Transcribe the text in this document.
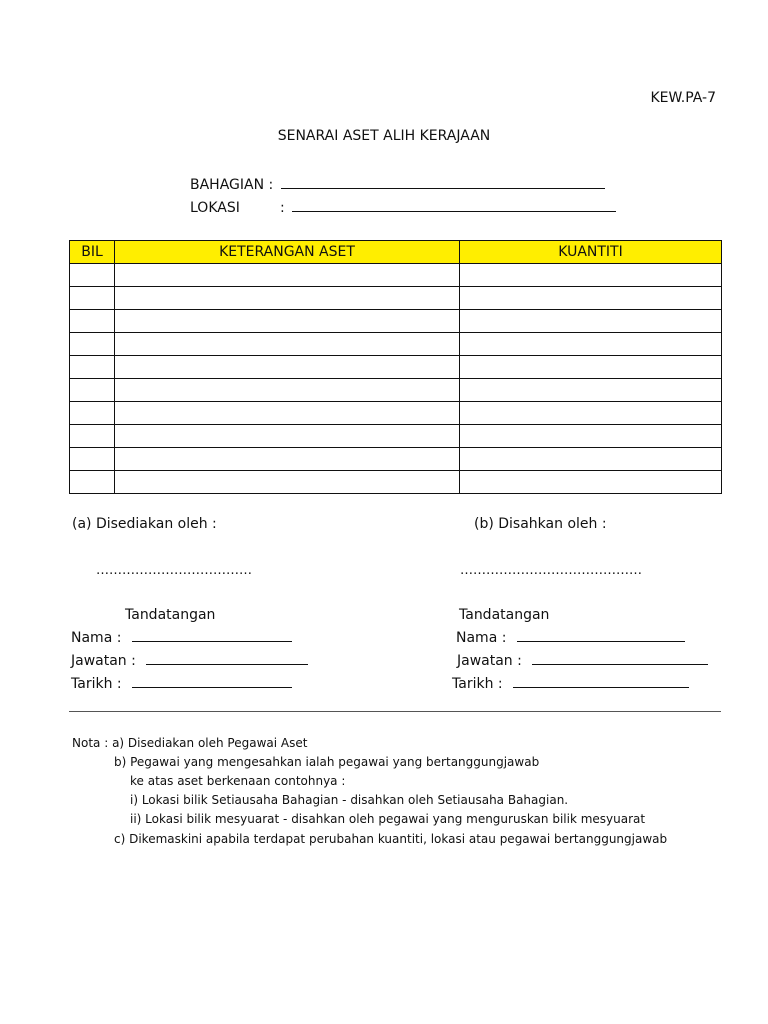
KEW.PA-7
SENARAI ASET ALIH KERAJAAN
BAHAGIAN :
LOKASI	:
BIL	KETERANGAN ASET	KUANTITI

(a) Disediakan oleh :	(b) Disahkan oleh :
………………………………	……………………………………
Tandatangan	Tandatangan
Nama :	Nama :
Jawatan :	Jawatan :
Tarikh :	Tarikh :
Nota : a) Disediakan oleh Pegawai Aset
b) Pegawai yang mengesahkan ialah pegawai yang bertanggungjawab
ke atas aset berkenaan contohnya :
i) Lokasi bilik Setiausaha Bahagian - disahkan oleh Setiausaha Bahagian.
ii) Lokasi bilik mesyuarat - disahkan oleh pegawai yang menguruskan bilik mesyuarat
c) Dikemaskini apabila terdapat perubahan kuantiti, lokasi atau pegawai bertanggungjawab
